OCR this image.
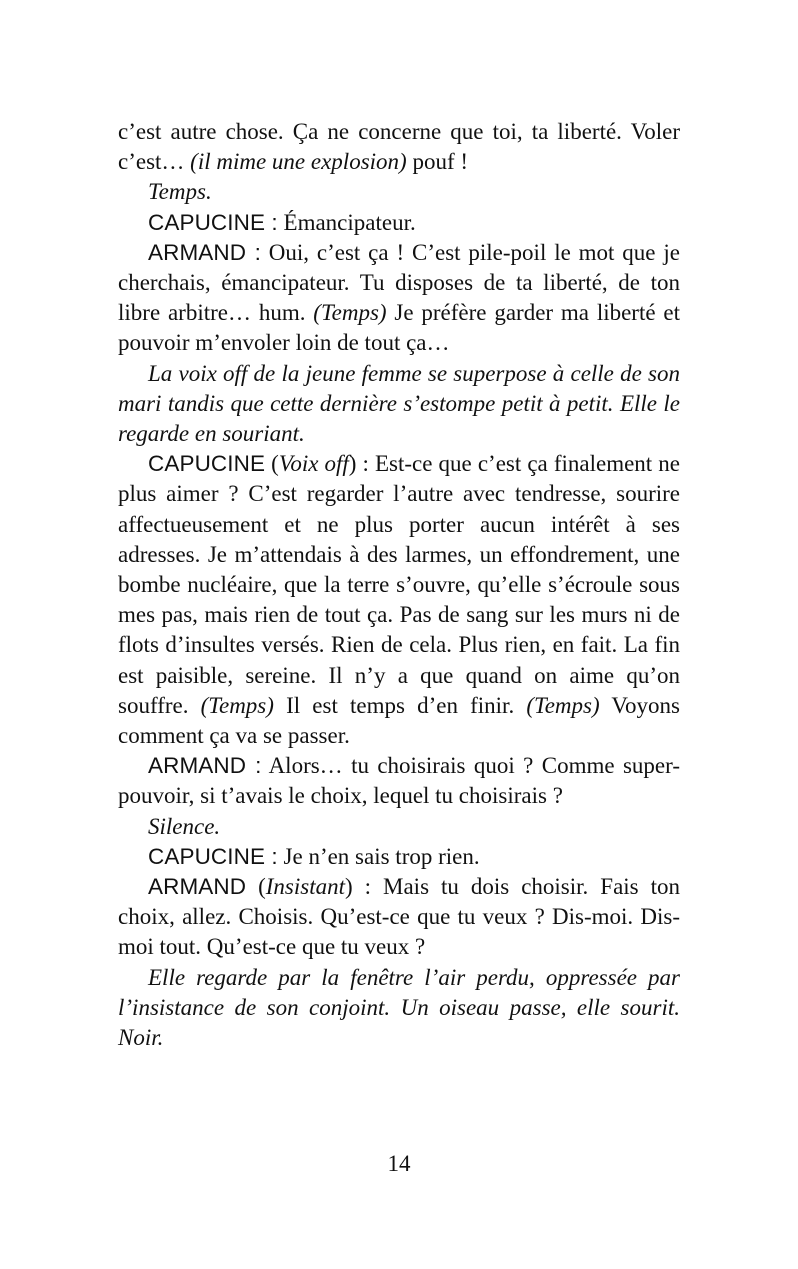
c’est autre chose. Ça ne concerne que toi, ta liberté. Voler c’est… (il mime une explosion) pouf !

Temps.

CAPUCINE : Émancipateur.

ARMAND : Oui, c’est ça ! C’est pile-poil le mot que je cherchais, émancipateur. Tu disposes de ta liberté, de ton libre arbitre… hum. (Temps) Je préfère garder ma liberté et pouvoir m’envoler loin de tout ça…

La voix off de la jeune femme se superpose à celle de son mari tandis que cette dernière s’estompe petit à petit. Elle le regarde en souriant.

CAPUCINE (Voix off) : Est-ce que c’est ça finalement ne plus aimer ? C’est regarder l’autre avec tendresse, sourire affectueusement et ne plus porter aucun intérêt à ses adresses. Je m’attendais à des larmes, un effondrement, une bombe nucléaire, que la terre s’ouvre, qu’elle s’écroule sous mes pas, mais rien de tout ça. Pas de sang sur les murs ni de flots d’insultes versés. Rien de cela. Plus rien, en fait. La fin est paisible, sereine. Il n’y a que quand on aime qu’on souffre. (Temps) Il est temps d’en finir. (Temps) Voyons comment ça va se passer.

ARMAND : Alors… tu choisirais quoi ? Comme super-pouvoir, si t’avais le choix, lequel tu choisirais ?

Silence.

CAPUCINE : Je n’en sais trop rien.

ARMAND (Insistant) : Mais tu dois choisir. Fais ton choix, allez. Choisis. Qu’est-ce que tu veux ? Dis-moi. Dis-moi tout. Qu’est-ce que tu veux ?

Elle regarde par la fenêtre l’air perdu, oppressée par l’insistance de son conjoint. Un oiseau passe, elle sourit. Noir.

14
